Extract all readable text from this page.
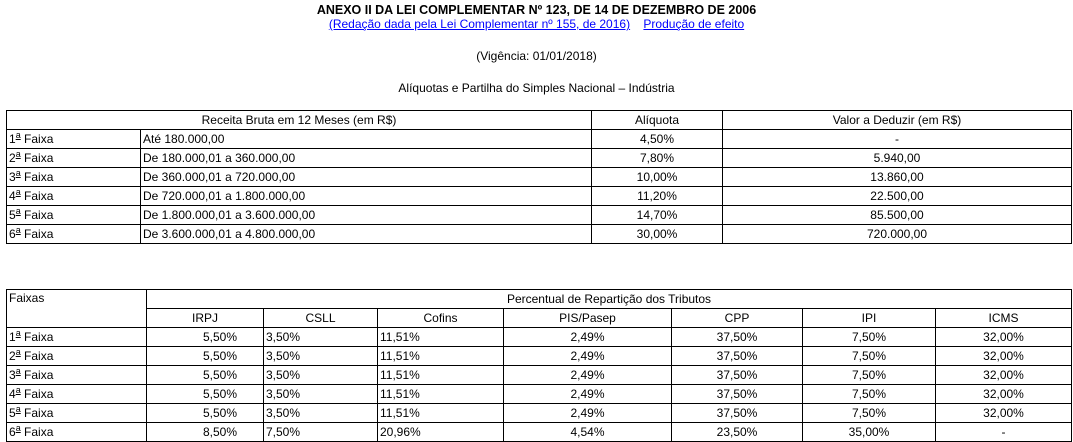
ANEXO II DA LEI COMPLEMENTAR Nº 123, DE 14 DE DEZEMBRO DE 2006
(Redação dada pela Lei Complementar nº 155, de 2016) Produção de efeito
(Vigência: 01/01/2018)
Alíquotas e Partilha do Simples Nacional – Indústria
Receita Bruta em 12 Meses (em R$)		Alíquota	Valor a Deduzir (em R$)
1$^a$ Faixa	Até 180.000,00	4,50%	-
2$^a$ Faixa	De 180.000,01 a 360.000,00	7,80%	5.940,00
3$^a$ Faixa	De 360.000,01 a 720.000,00	10,00%	13.860,00
4$^a$ Faixa	De 720.000,01 a 1.800.000,00	11,20%	22.500,00
5$^a$ Faixa	De 1.800.000,01 a 3.600.000,00	14,70%	85.500,00
6$^a$ Faixa	De 3.600.000,01 a 4.800.000,00	30,00%	720.000,00
Faixas	Percentual de Repartição dos Tributos						
	IRPJ	CSLL	Cofins	PIS/Pasep	CPP	IPI	ICMS
1$^a$ Faixa	5,50%	3,50%	11,51%	2,49%	37,50%	7,50%	32,00%
2$^a$ Faixa	5,50%	3,50%	11,51%	2,49%	37,50%	7,50%	32,00%
3$^a$ Faixa	5,50%	3,50%	11,51%	2,49%	37,50%	7,50%	32,00%
4$^a$ Faixa	5,50%	3,50%	11,51%	2,49%	37,50%	7,50%	32,00%
5$^a$ Faixa	5,50%	3,50%	11,51%	2,49%	37,50%	7,50%	32,00%
6$^a$ Faixa	8,50%	7,50%	20,96%	4,54%	23,50%	35,00%	-
